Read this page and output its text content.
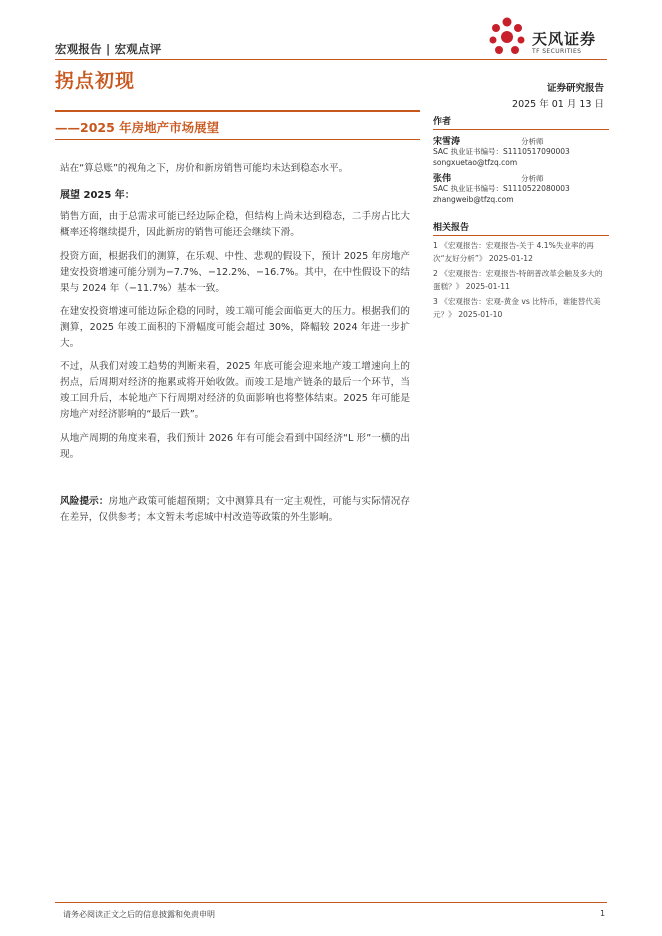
宏观报告 | 宏观点评
拐点初现
——2025 年房地产市场展望
天风证券
TF SECURITIES
证券研究报告
2025 年 01 月 13 日
作者
宋雪涛	分析师
SAC 执业证书编号：S1110517090003
songxuetao@tfzq.com
张伟	分析师
SAC 执业证书编号：S1110522080003
zhangweib@tfzq.com
相关报告

1 《宏观报告：宏观报告-关于 4.1%失业率的再次“友好分析”》 2025-01-12

2 《宏观报告：宏观报告-特朗普改革会触及多大的蛋糕？》 2025-01-11

3 《宏观报告：宏观-黄金 vs 比特币，谁能替代美元？》 2025-01-10

站在“算总账”的视角之下，房价和新房销售可能均未达到稳态水平。

展望 2025 年：

销售方面，由于总需求可能已经边际企稳，但结构上尚未达到稳态，二手房占比大概率还将继续提升，因此新房的销售可能还会继续下滑。

投资方面，根据我们的测算，在乐观、中性、悲观的假设下，预计 2025 年房地产建安投资增速可能分别为−7.7%、−12.2%、−16.7%。其中，在中性假设下的结果与 2024 年（−11.7%）基本一致。

在建安投资增速可能边际企稳的同时，竣工端可能会面临更大的压力。根据我们的测算，2025 年竣工面积的下滑幅度可能会超过 30%，降幅较 2024 年进一步扩大。

不过，从我们对竣工趋势的判断来看，2025 年底可能会迎来地产竣工增速向上的拐点，后周期对经济的拖累或将开始收敛。而竣工是地产链条的最后一个环节，当竣工回升后，本轮地产下行周期对经济的负面影响也将整体结束。2025 年可能是房地产对经济影响的“最后一跌”。

从地产周期的角度来看，我们预计 2026 年有可能会看到中国经济“L 形”一横的出现。

风险提示：房地产政策可能超预期；文中测算具有一定主观性，可能与实际情况存在差异，仅供参考；本文暂未考虑城中村改造等政策的外生影响。

请务必阅读正文之后的信息披露和免责申明	1
